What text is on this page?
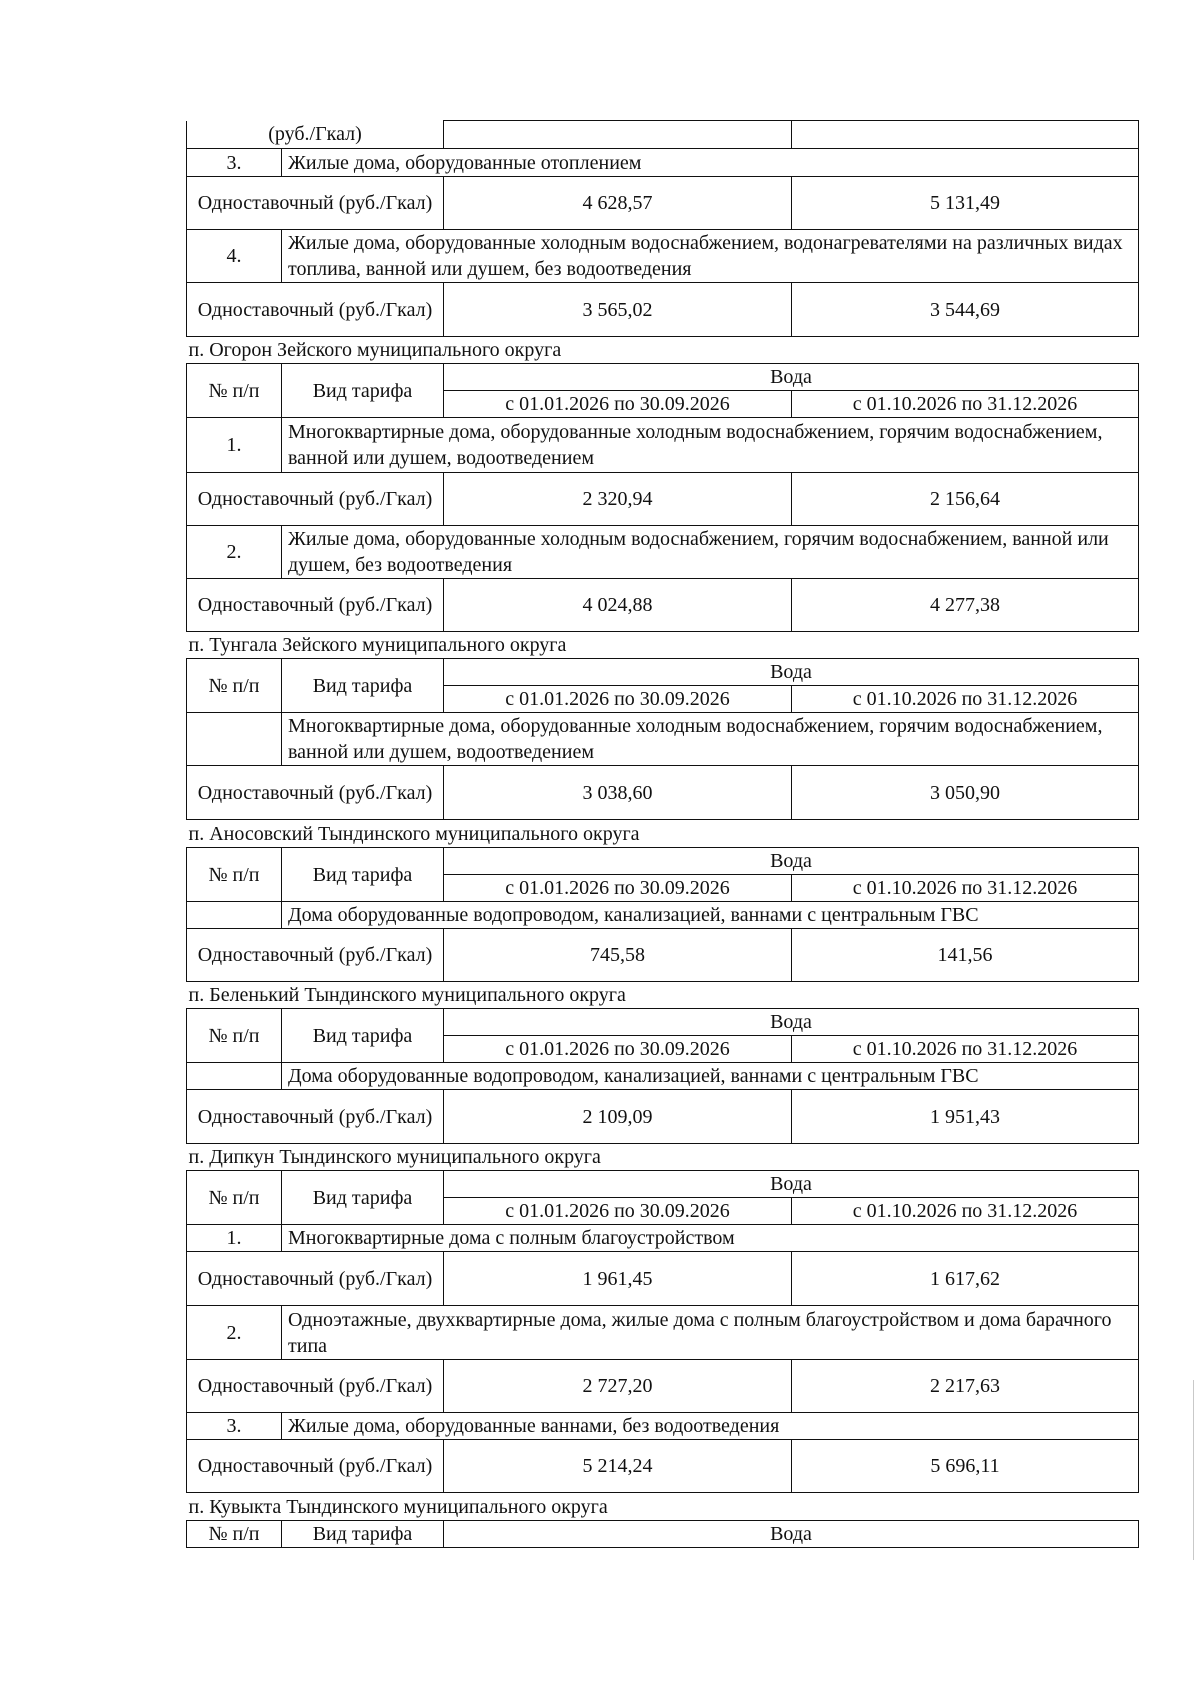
(руб./Гкал)			
3.	Жилые дома, оборудованные отоплением		
Одноставочный (руб./Гкал)		4 628,57	5 131,49
4.	Жилые дома, оборудованные холодным водоснабжением, водонагревателями на различных видах топлива, ванной или душем, без водоотведения		
Одноставочный (руб./Гкал)		3 565,02	3 544,69
п. Огорон Зейского муниципального округа			
№ п/п	Вид тарифа	Вода	
		с 01.01.2026 по 30.09.2026	с 01.10.2026 по 31.12.2026
1.	Многоквартирные дома, оборудованные холодным водоснабжением, горячим водоснабжением, ванной или душем, водоотведением		
Одноставочный (руб./Гкал)		2 320,94	2 156,64
2.	Жилые дома, оборудованные холодным водоснабжением, горячим водоснабжением, ванной или душем, без водоотведения		
Одноставочный (руб./Гкал)		4 024,88	4 277,38
п. Тунгала Зейского муниципального округа			
№ п/п	Вид тарифа	Вода	
		с 01.01.2026 по 30.09.2026	с 01.10.2026 по 31.12.2026
	Многоквартирные дома, оборудованные холодным водоснабжением, горячим водоснабжением, ванной или душем, водоотведением		
Одноставочный (руб./Гкал)		3 038,60	3 050,90
п. Аносовский Тындинского муниципального округа			
№ п/п	Вид тарифа	Вода	
		с 01.01.2026 по 30.09.2026	с 01.10.2026 по 31.12.2026
	Дома оборудованные водопроводом, канализацией, ваннами с центральным ГВС		
Одноставочный (руб./Гкал)		745,58	141,56
п. Беленький Тындинского муниципального округа			
№ п/п	Вид тарифа	Вода	
		с 01.01.2026 по 30.09.2026	с 01.10.2026 по 31.12.2026
	Дома оборудованные водопроводом, канализацией, ваннами с центральным ГВС		
Одноставочный (руб./Гкал)		2 109,09	1 951,43
п. Дипкун Тындинского муниципального округа			
№ п/п	Вид тарифа	Вода	
		с 01.01.2026 по 30.09.2026	с 01.10.2026 по 31.12.2026
1.	Многоквартирные дома с полным благоустройством		
Одноставочный (руб./Гкал)		1 961,45	1 617,62
2.	Одноэтажные, двухквартирные дома, жилые дома с полным благоустройством и дома барачного типа		
Одноставочный (руб./Гкал)		2 727,20	2 217,63
3.	Жилые дома, оборудованные ваннами, без водоотведения		
Одноставочный (руб./Гкал)		5 214,24	5 696,11
п. Кувыкта Тындинского муниципального округа			
№ п/п	Вид тарифа	Вода	
